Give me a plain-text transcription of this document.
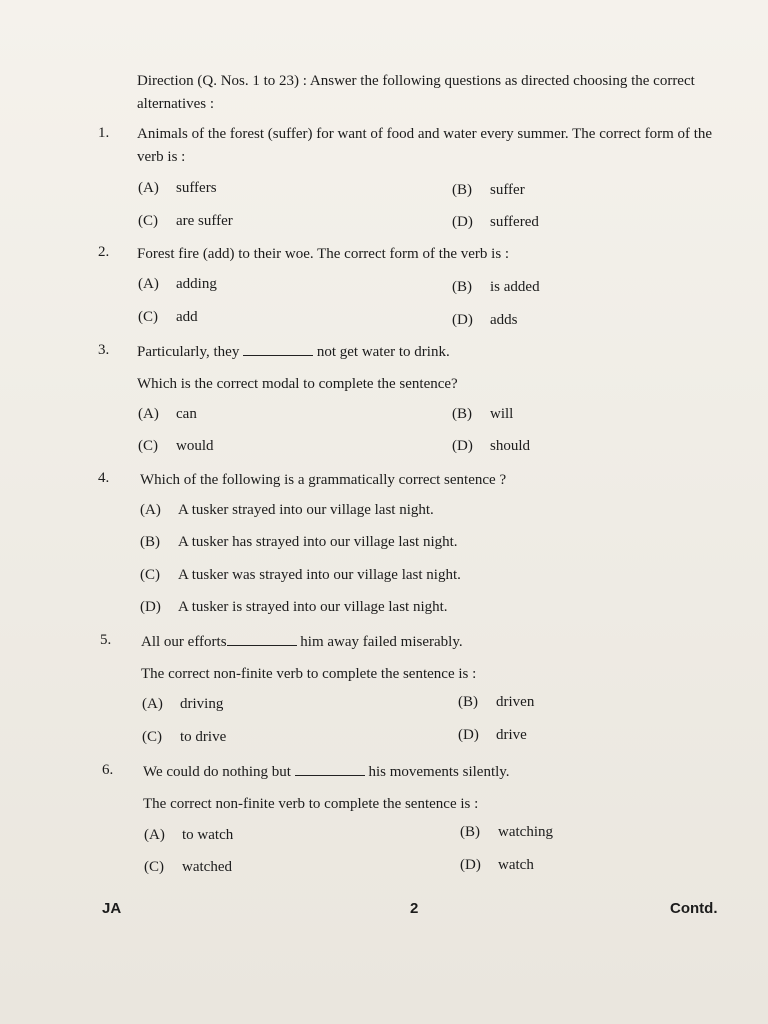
Direction (Q. Nos. 1 to 23) : Answer the following questions as directed choosing the correct alternatives :
1. Animals of the forest (suffer) for want of food and water every summer. The correct form of the verb is :
(A) suffers	(B) suffer
(C) are suffer	(D) suffered
2. Forest fire (add) to their woe. The correct form of the verb is :
(A) adding	(B) is added
(C) add	(D) adds
3. Particularly, they	not get water to drink.
Which is the correct modal to complete the sentence?
(A) can	(B) will
(C) would	(D) should
4. Which of the following is a grammatically correct sentence ?
(A) A tusker strayed into our village last night.
(B) A tusker has strayed into our village last night.
(C) A tusker was strayed into our village last night.
(D) A tusker is strayed into our village last night.
5. All our efforts	him away failed miserably.
The correct non-finite verb to complete the sentence is :
(A) driving	(B) driven
(C) to drive	(D) drive
6. We could do nothing but	his movements silently.
The correct non-finite verb to complete the sentence is :
(A) to watch	(B) watching
(C) watched	(D) watch
JA	2	Contd.
